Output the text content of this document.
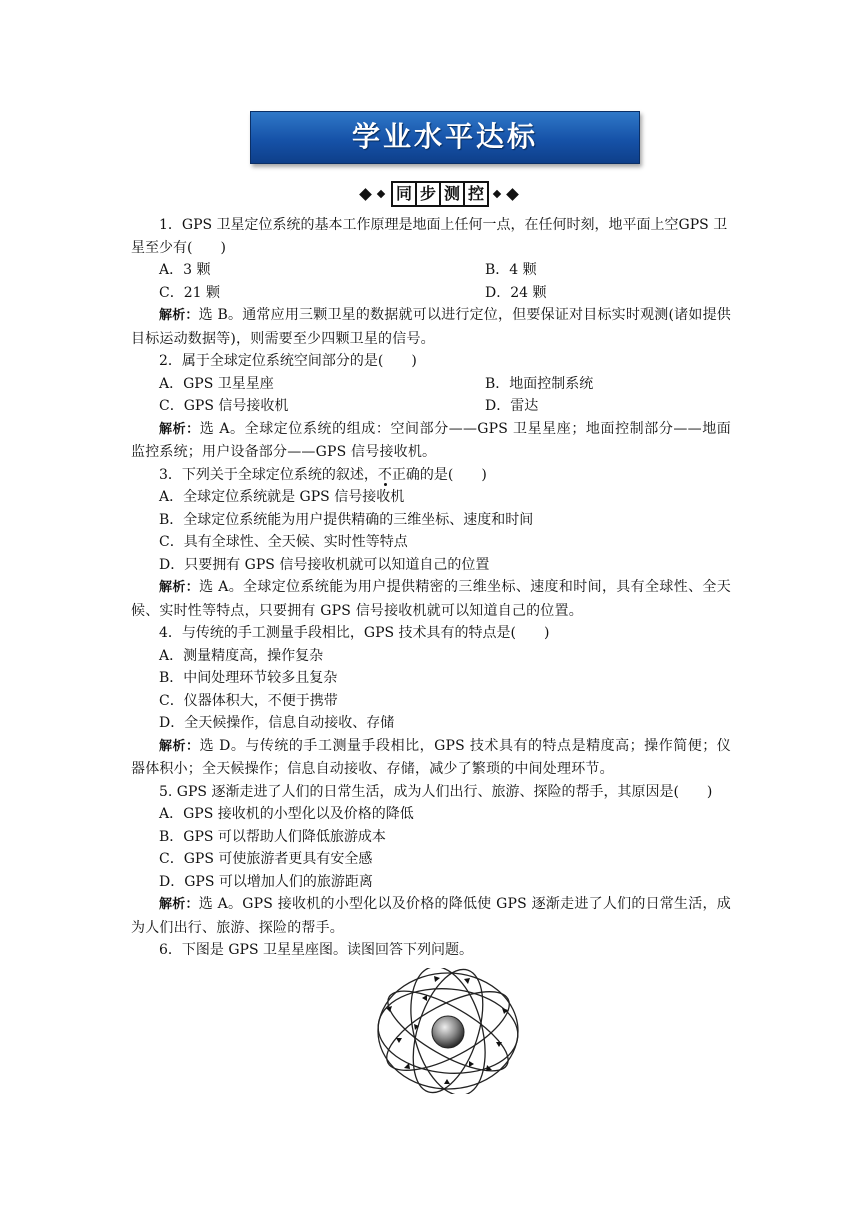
学业水平达标
同 步 测 控

1．GPS 卫星定位系统的基本工作原理是地面上任何一点，在任何时刻，地平面上空GPS 卫星至少有(　　)

A．3 颗	B．4 颗

C．21 颗	D．24 颗

解析：选 B。通常应用三颗卫星的数据就可以进行定位，但要保证对目标实时观测(诸如提供目标运动数据等)，则需要至少四颗卫星的信号。

2．属于全球定位系统空间部分的是(　　)

A．GPS 卫星星座	B．地面控制系统

C．GPS 信号接收机	D．雷达

解析：选 A。全球定位系统的组成：空间部分——GPS 卫星星座；地面控制部分——地面监控系统；用户设备部分——GPS 信号接收机。

3．下列关于全球定位系统的叙述，不正确的是(　　)

A．全球定位系统就是 GPS 信号接收机

B．全球定位系统能为用户提供精确的三维坐标、速度和时间

C．具有全球性、全天候、实时性等特点

D．只要拥有 GPS 信号接收机就可以知道自己的位置

解析：选 A。全球定位系统能为用户提供精密的三维坐标、速度和时间，具有全球性、全天候、实时性等特点，只要拥有 GPS 信号接收机就可以知道自己的位置。

4．与传统的手工测量手段相比，GPS 技术具有的特点是(　　)

A．测量精度高，操作复杂

B．中间处理环节较多且复杂

C．仪器体积大，不便于携带

D．全天候操作，信息自动接收、存储

解析：选 D。与传统的手工测量手段相比，GPS 技术具有的特点是精度高；操作简便；仪器体积小；全天候操作；信息自动接收、存储，减少了繁琐的中间处理环节。

5. GPS 逐渐走进了人们的日常生活，成为人们出行、旅游、探险的帮手，其原因是(　　)

A．GPS 接收机的小型化以及价格的降低

B．GPS 可以帮助人们降低旅游成本

C．GPS 可使旅游者更具有安全感

D．GPS 可以增加人们的旅游距离

解析：选 A。GPS 接收机的小型化以及价格的降低使 GPS 逐渐走进了人们的日常生活，成为人们出行、旅游、探险的帮手。

6．下图是 GPS 卫星星座图。读图回答下列问题。
